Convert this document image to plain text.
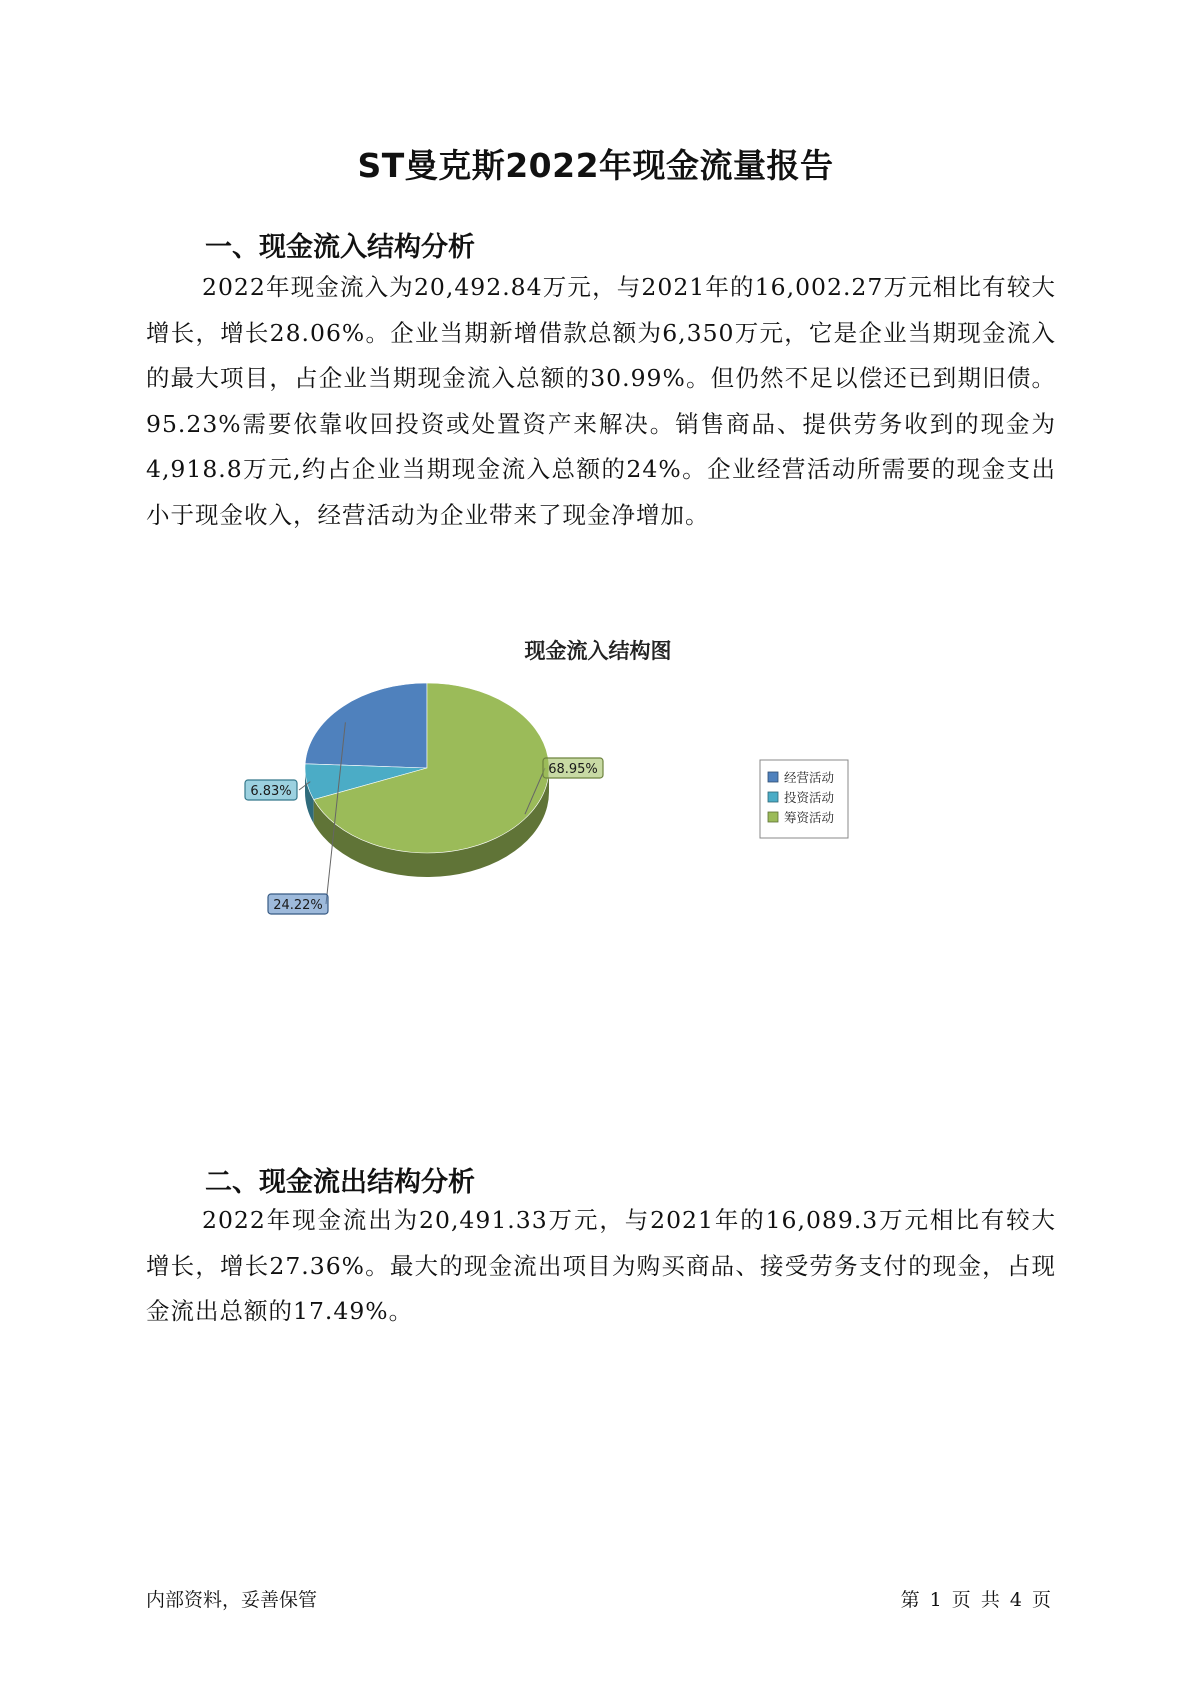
ST曼克斯2022年现金流量报告
一、现金流入结构分析

2022年现金流入为20,492.84万元，与2021年的16,002.27万元相比有较大增长，增长28.06%。企业当期新增借款总额为6,350万元，它是企业当期现金流入的最大项目，占企业当期现金流入总额的30.99%。但仍然不足以偿还已到期旧债。95.23%需要依靠收回投资或处置资产来解决。销售商品、提供劳务收到的现金为4,918.8万元,约占企业当期现金流入总额的24%。企业经营活动所需要的现金支出小于现金收入，经营活动为企业带来了现金净增加。

现金流入结构图
24.22%
6.83%
68.95%
经营活动
投资活动
筹资活动
二、现金流出结构分析

2022年现金流出为20,491.33万元，与2021年的16,089.3万元相比有较大增长，增长27.36%。最大的现金流出项目为购买商品、接受劳务支付的现金，占现金流出总额的17.49%。

内部资料，妥善保管	第 1 页 共 4 页
